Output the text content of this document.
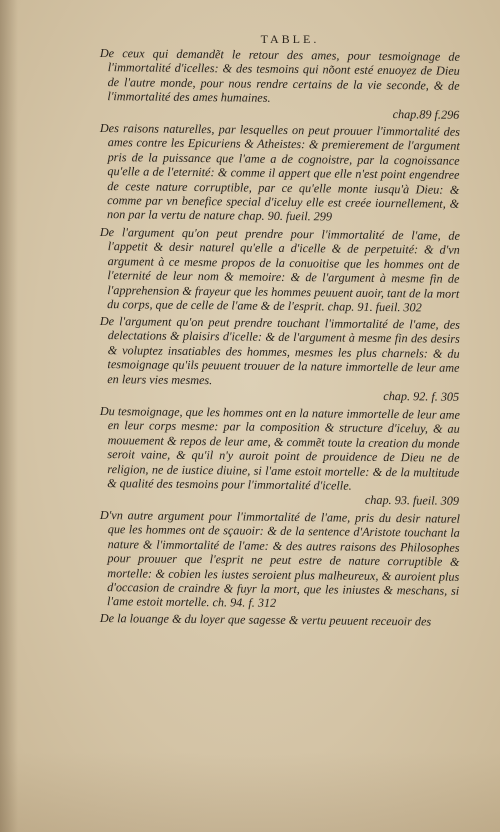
TABLE.

De ceux qui demandẽt le retour des ames, pour tesmoignage de l'immortalité d'icelles: & des tesmoins qui no͂ont esté enuoyez de Dieu de l'autre monde, pour nous rendre certains de la vie seconde, & de l'immortalité des ames humaines.
chap.89 f.296

Des raisons naturelles, par lesquelles on peut prouuer l'immortalité des ames contre les Epicuriens & Atheistes: & premierement de l'argument pris de la puissance que l'ame a de cognoistre, par la cognoissance qu'elle a de l'eternité: & comme il appert que elle n'est point engendree de ceste nature corruptible, par ce qu'elle monte iusqu'à Dieu: & comme par vn benefice special d'iceluy elle est creée iournellement, & non par la vertu de nature chap. 90. fueil. 299

De l'argument qu'on peut prendre pour l'immortalité de l'ame, de l'appetit & desir naturel qu'elle a d'icelle & de perpetuité: & d'vn argument à ce mesme propos de la conuoitise que les hommes ont de l'eternité de leur nom & memoire: & de l'argument à mesme fin de l'apprehension & frayeur que les hommes peuuent auoir, tant de la mort du corps, que de celle de l'ame & de l'esprit. chap. 91. fueil. 302

De l'argument qu'on peut prendre touchant l'immortalité de l'ame, des delectations & plaisirs d'icelle: & de l'argument à mesme fin des desirs & voluptez insatiables des hommes, mesmes les plus charnels: & du tesmoignage qu'ils peuuent trouuer de la nature immortelle de leur ame en leurs vies mesmes.
chap. 92. f. 305

Du tesmoignage, que les hommes ont en la nature immortelle de leur ame en leur corps mesme: par la composition & structure d'iceluy, & au mouuement & repos de leur ame, & commẽt toute la creation du monde seroit vaine, & qu'il n'y auroit point de prouidence de Dieu ne de religion, ne de iustice diuine, si l'ame estoit mortelle: & de la multitude & qualité des tesmoins pour l'immortalité d'icelle.
chap. 93. fueil. 309

D'vn autre argument pour l'immortalité de l'ame, pris du desir naturel que les hommes ont de sçauoir: & de la sentence d'Aristote touchant la nature & l'immortalité de l'ame: & des autres raisons des Philosophes pour prouuer que l'esprit ne peut estre de nature corruptible & mortelle: & cobien les iustes seroient plus malheureux, & auroient plus d'occasion de craindre & fuyr la mort, que les iniustes & meschans, si l'ame estoit mortelle. ch. 94. f. 312

De la louange & du loyer que sagesse & vertu peuuent receuoir des
